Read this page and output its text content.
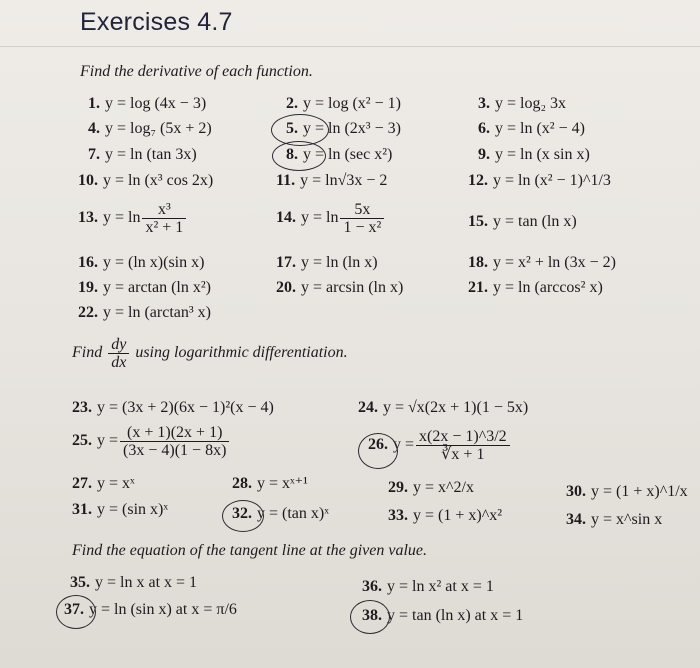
Exercises 4.7
Find the derivative of each function.
1. y = log (4x − 3)	2. y = log (x² − 1)	3. y = log₂ 3x
4. y = log₇ (5x + 2)	5. y = ln (2x³ − 3)	6. y = ln (x² − 4)
7. y = ln (tan 3x)	8. y = ln (sec x²)	9. y = ln (x sin x)
10. y = ln (x³ cos 2x)	11. y = ln√3x − 2	12. y = ln (x² − 1)^1/3
13. $y = \ln \frac{\text{x³}}{\text{x² + 1}}$	14. $y = \ln \frac{5x}{\text{1 − x²}}$	15. y = tan (ln x)
16. y = (ln x)(sin x)	17. y = ln (ln x)	18. y = x² + ln (3x − 2)
19. y = arctan (ln x²)	20. y = arcsin (ln x)	21. y = ln (arccos² x)
22. y = ln (arctan³ x)
Find $\frac{dy}{dx}$ using logarithmic differentiation.
23. y = (3x + 2)(6x − 1)²(x − 4)	24. y = √x(2x + 1)(1 − 5x)
25. $y = \frac{(x + 1)(2x + 1)}{(3x - 4)(1 - 8x)}$	26. $y = \frac{x(2x - 1)\^{}3/2}{∛x + 1}$
27. y = xˣ	28. y = xˣ⁺¹	29. y = x^2/x	30. y = (1 + x)^1/x
31. y = (sin x)ˣ	32. y = (tan x)ˣ	33. y = (1 + x)^x²	34. y = x^sin x
Find the equation of the tangent line at the given value.
35. y = ln x at x = 1	36. y = ln x² at x = 1
37. y = ln (sin x) at x = π/6	38. y = tan (ln x) at x = 1
